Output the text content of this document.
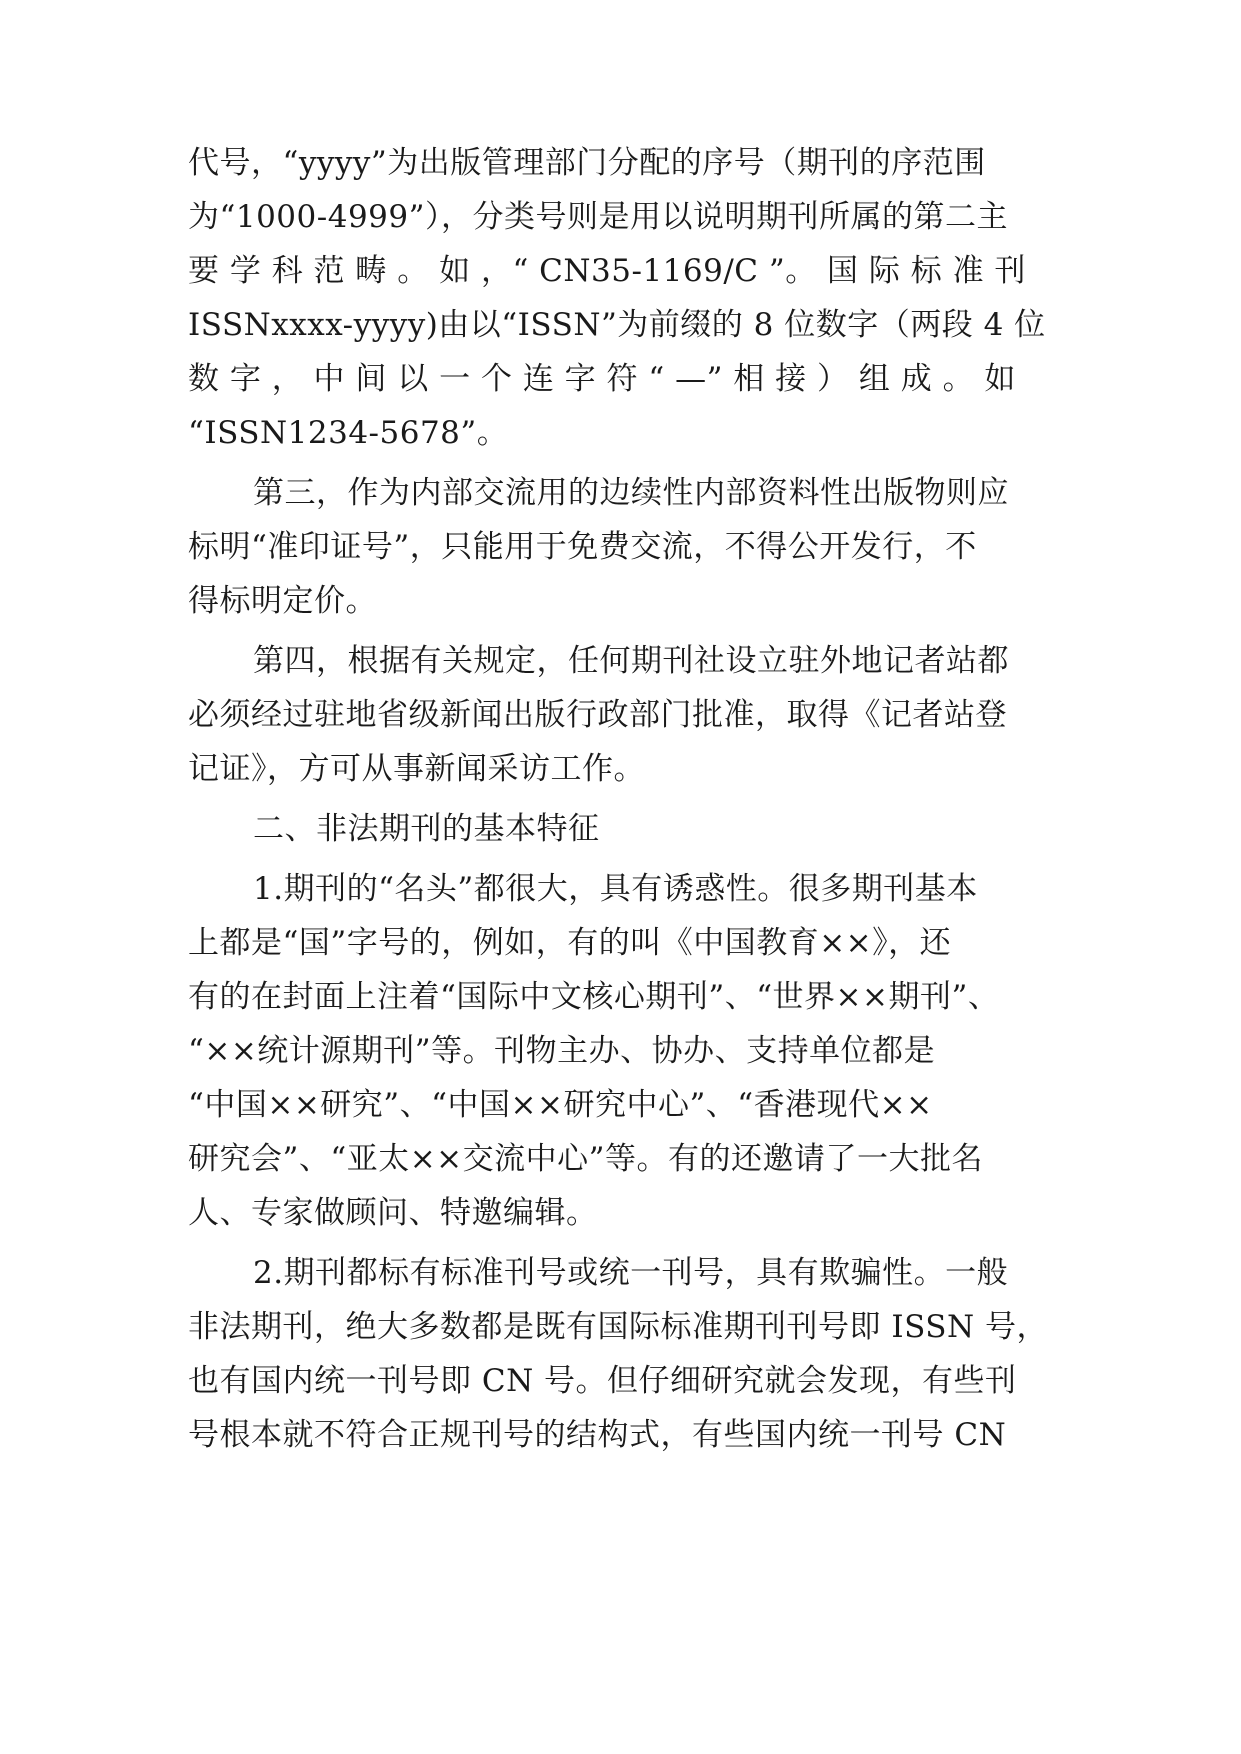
代号，“yyyy”为出版管理部门分配的序号（期刊的序范围
为“1000-4999”），分类号则是用以说明期刊所属的第二主
要 学 科 范 畴 。 如 ，“ CN35-1169/C ”。 国 际 标 准 刊
ISSNxxxx-yyyy)由以“ISSN”为前缀的 8 位数字（两段 4 位
数 字 ， 中 间 以 一 个 连 字 符 “ —” 相 接 ） 组 成 。 如
“ISSN1234-5678”。
第三，作为内部交流用的边续性内部资料性出版物则应
标明“准印证号”，只能用于免费交流，不得公开发行，不
得标明定价。
第四，根据有关规定，任何期刊社设立驻外地记者站都
必须经过驻地省级新闻出版行政部门批准，取得《记者站登
记证》，方可从事新闻采访工作。
二、非法期刊的基本特征
1.期刊的“名头”都很大，具有诱惑性。很多期刊基本
上都是“国”字号的，例如，有的叫《中国教育××》，还
有的在封面上注着“国际中文核心期刊”、“世界××期刊”、
“××统计源期刊”等。刊物主办、协办、支持单位都是
“中国××研究”、“中国××研究中心”、“香港现代××
研究会”、“亚太××交流中心”等。有的还邀请了一大批名
人、专家做顾问、特邀编辑。
2.期刊都标有标准刊号或统一刊号，具有欺骗性。一般
非法期刊，绝大多数都是既有国际标准期刊刊号即 ISSN 号，
也有国内统一刊号即 CN 号。但仔细研究就会发现，有些刊
号根本就不符合正规刊号的结构式，有些国内统一刊号 CN
